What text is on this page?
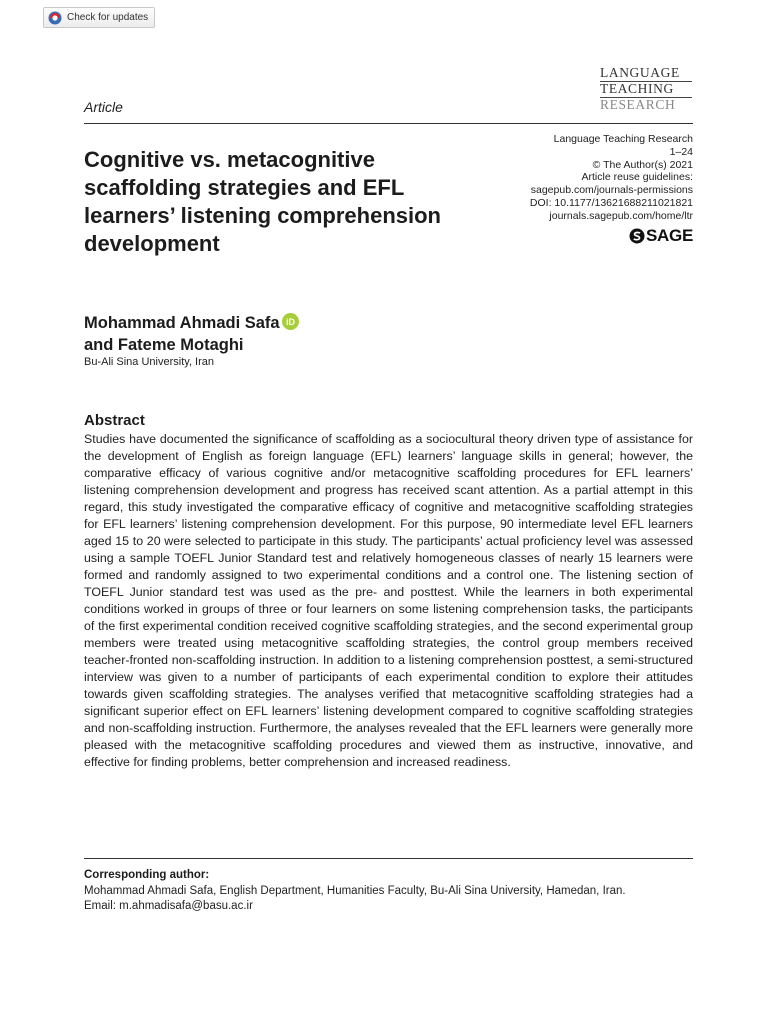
Check for updates
LANGUAGE
TEACHING
RESEARCH
Article
Language Teaching Research
1–24
© The Author(s) 2021
Article reuse guidelines:
sagepub.com/journals-permissions
DOI: 10.1177/13621688211021821
journals.sagepub.com/home/ltr
SAGE
Cognitive vs. metacognitive scaffolding strategies and EFL learners’ listening comprehension development
Mohammad Ahmadi Safa iD
and Fateme Motaghi
Bu-Ali Sina University, Iran
Abstract

Studies have documented the significance of scaffolding as a sociocultural theory driven type of assistance for the development of English as foreign language (EFL) learners’ language skills in general; however, the comparative efficacy of various cognitive and/or metacognitive scaffolding procedures for EFL learners’ listening comprehension development and progress has received scant attention. As a partial attempt in this regard, this study investigated the comparative efficacy of cognitive and metacognitive scaffolding strategies for EFL learners’ listening comprehension development. For this purpose, 90 intermediate level EFL learners aged 15 to 20 were selected to participate in this study. The participants’ actual proficiency level was assessed using a sample TOEFL Junior Standard test and relatively homogeneous classes of nearly 15 learners were formed and randomly assigned to two experimental conditions and a control one. The listening section of TOEFL Junior standard test was used as the pre- and posttest. While the learners in both experimental conditions worked in groups of three or four learners on some listening comprehension tasks, the participants of the first experimental condition received cognitive scaffolding strategies, and the second experimental group members were treated using metacognitive scaffolding strategies, the control group members received teacher-fronted non-scaffolding instruction. In addition to a listening comprehension posttest, a semi-structured interview was given to a number of participants of each experimental condition to explore their attitudes towards given scaffolding strategies. The analyses verified that metacognitive scaffolding strategies had a significant superior effect on EFL learners’ listening development compared to cognitive scaffolding strategies and non-scaffolding instruction. Furthermore, the analyses revealed that the EFL learners were generally more pleased with the metacognitive scaffolding procedures and viewed them as instructive, innovative, and effective for finding problems, better comprehension and increased readiness.

Corresponding author:
Mohammad Ahmadi Safa, English Department, Humanities Faculty, Bu-Ali Sina University, Hamedan, Iran.
Email: m.ahmadisafa@basu.ac.ir
